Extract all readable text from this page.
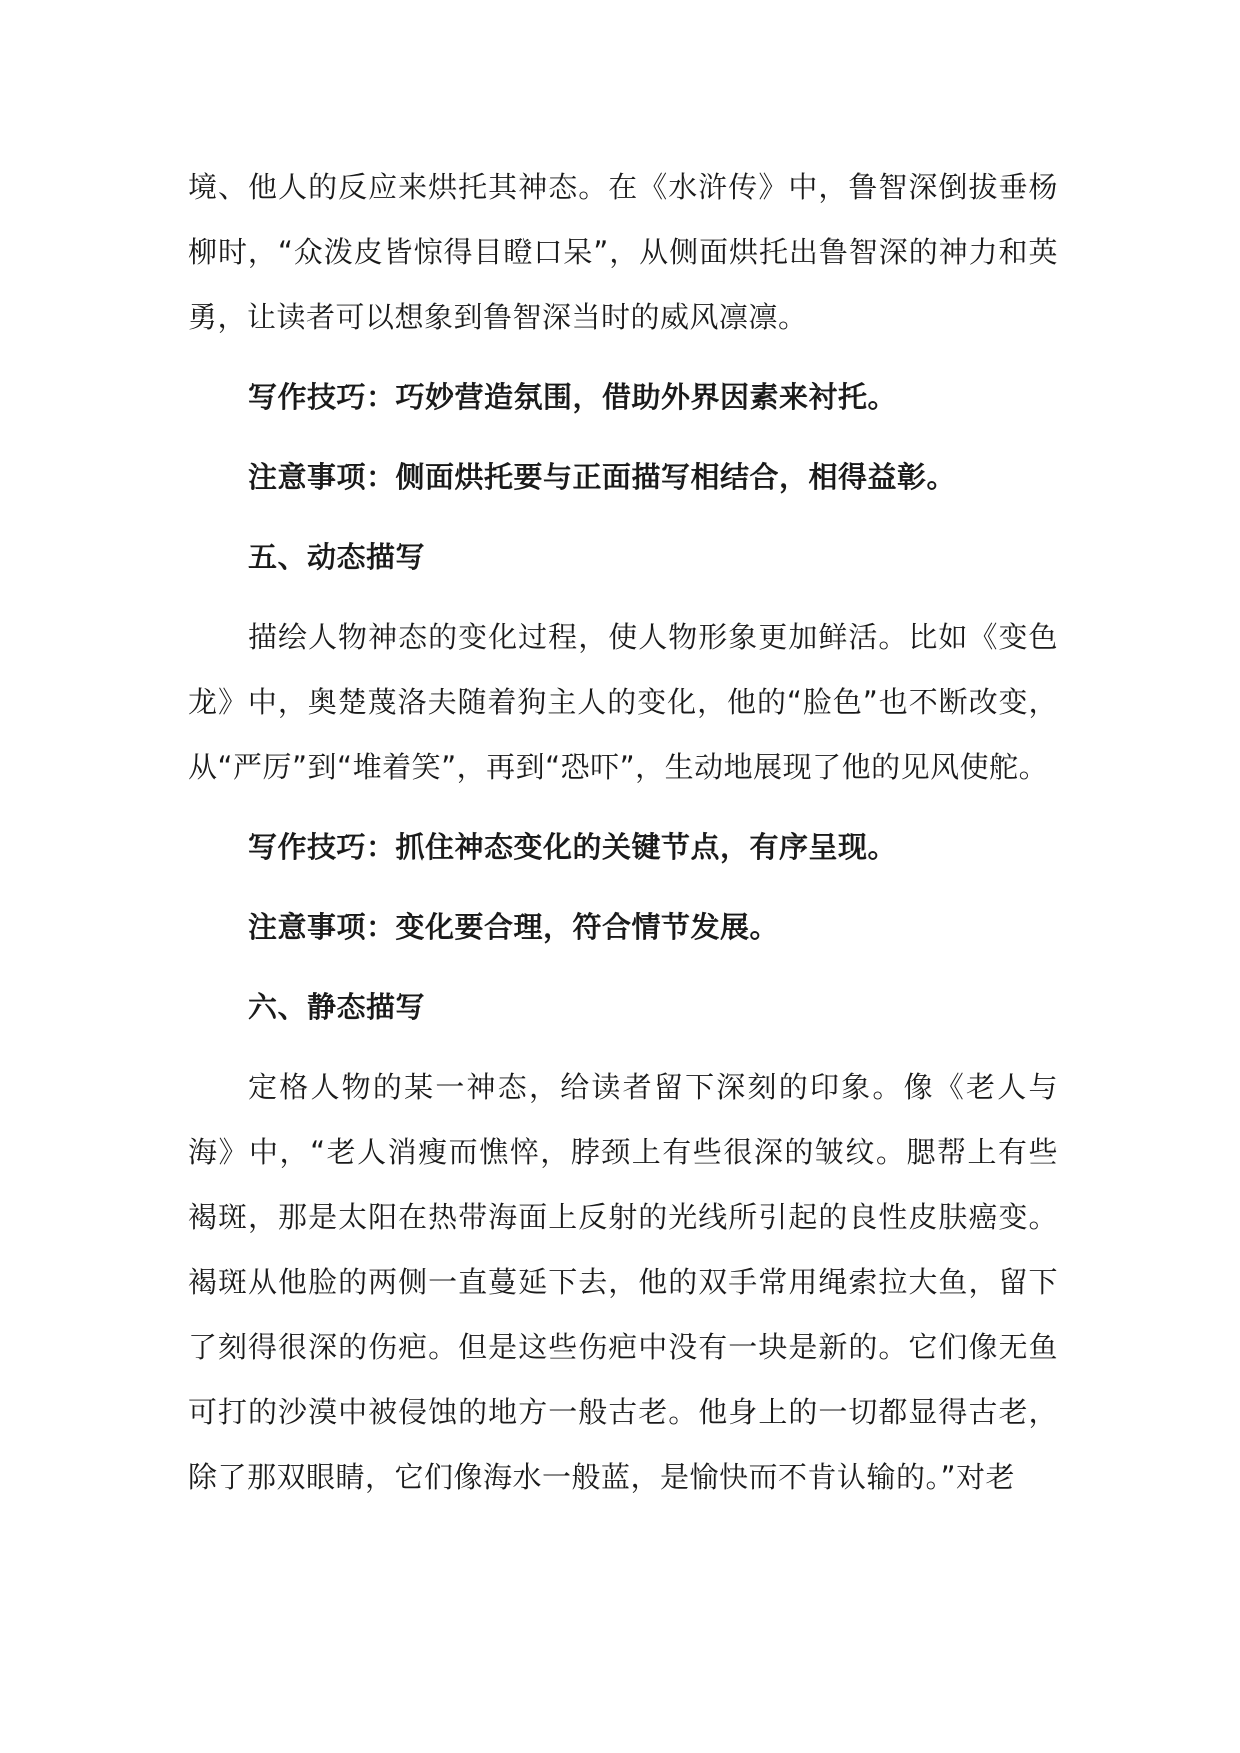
境、他人的反应来烘托其神态。在《水浒传》中，鲁智深倒拔垂杨柳时，“众泼皮皆惊得目瞪口呆”，从侧面烘托出鲁智深的神力和英勇，让读者可以想象到鲁智深当时的威风凛凛。

写作技巧：巧妙营造氛围，借助外界因素来衬托。

注意事项：侧面烘托要与正面描写相结合，相得益彰。

五、动态描写

描绘人物神态的变化过程，使人物形象更加鲜活。比如《变色龙》中，奥楚蔑洛夫随着狗主人的变化，他的“脸色”也不断改变，从“严厉”到“堆着笑”，再到“恐吓”，生动地展现了他的见风使舵。

写作技巧：抓住神态变化的关键节点，有序呈现。

注意事项：变化要合理，符合情节发展。

六、静态描写

定格人物的某一神态，给读者留下深刻的印象。像《老人与海》中，“老人消瘦而憔悴，脖颈上有些很深的皱纹。腮帮上有些褐斑，那是太阳在热带海面上反射的光线所引起的良性皮肤癌变。褐斑从他脸的两侧一直蔓延下去，他的双手常用绳索拉大鱼，留下了刻得很深的伤疤。但是这些伤疤中没有一块是新的。它们像无鱼可打的沙漠中被侵蚀的地方一般古老。他身上的一切都显得古老，除了那双眼睛，它们像海水一般蓝，是愉快而不肯认输的。”对老
